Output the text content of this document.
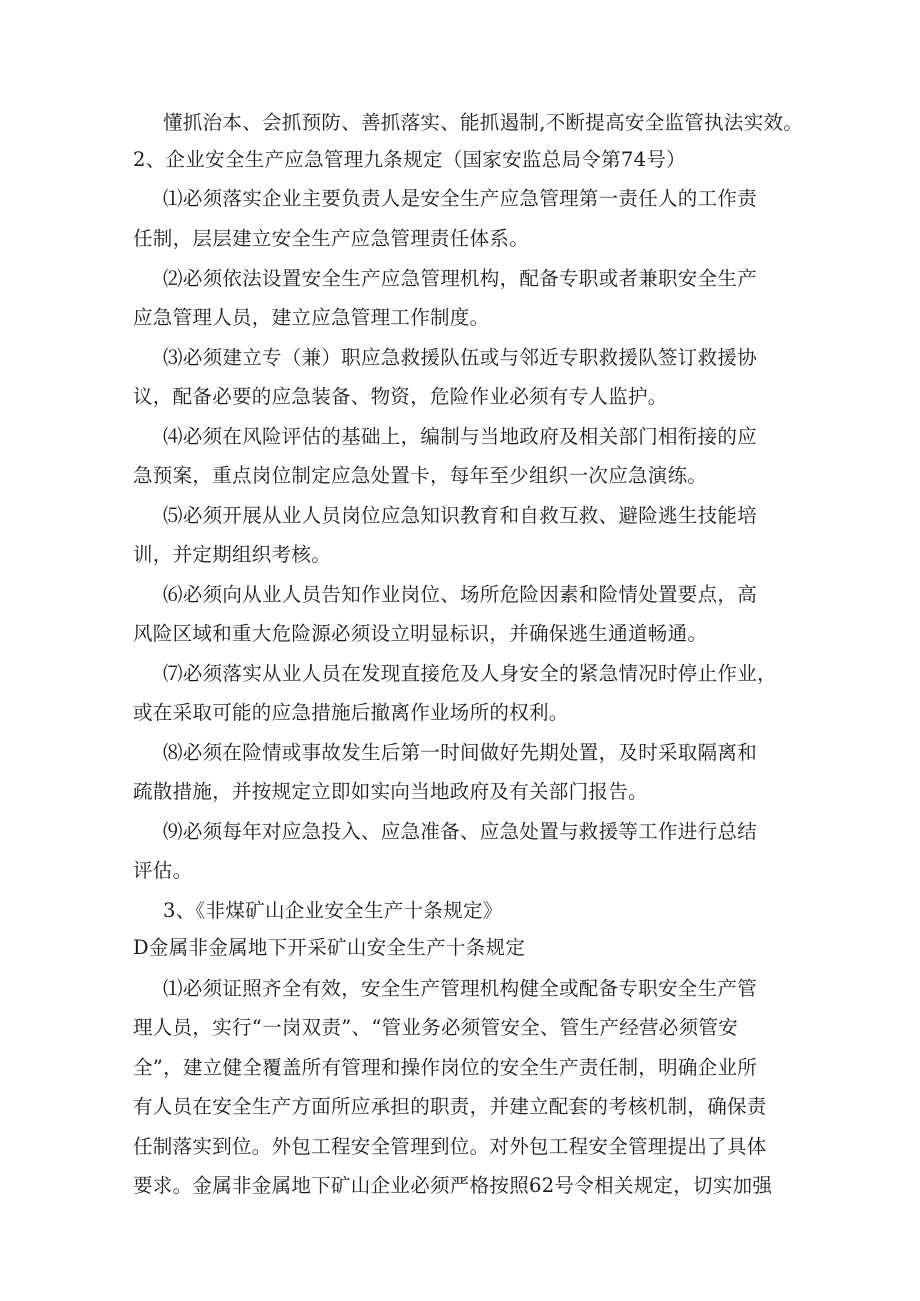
懂抓治本、会抓预防、善抓落实、能抓遏制,不断提高安全监管执法实效。
2、企业安全生产应急管理九条规定（国家安监总局令第74号）
⑴必须落实企业主要负责人是安全生产应急管理第一责任人的工作责
任制，层层建立安全生产应急管理责任体系。
⑵必须依法设置安全生产应急管理机构，配备专职或者兼职安全生产
应急管理人员，建立应急管理工作制度。
⑶必须建立专（兼）职应急救援队伍或与邻近专职救援队签订救援协
议，配备必要的应急装备、物资，危险作业必须有专人监护。
⑷必须在风险评估的基础上，编制与当地政府及相关部门相衔接的应
急预案，重点岗位制定应急处置卡，每年至少组织一次应急演练。
⑸必须开展从业人员岗位应急知识教育和自救互救、避险逃生技能培
训，并定期组织考核。
⑹必须向从业人员告知作业岗位、场所危险因素和险情处置要点，高
风险区域和重大危险源必须设立明显标识，并确保逃生通道畅通。
⑺必须落实从业人员在发现直接危及人身安全的紧急情况时停止作业，
或在采取可能的应急措施后撤离作业场所的权利。
⑻必须在险情或事故发生后第一时间做好先期处置，及时采取隔离和
疏散措施，并按规定立即如实向当地政府及有关部门报告。
⑼必须每年对应急投入、应急准备、应急处置与救援等工作进行总结
评估。
3、《非煤矿山企业安全生产十条规定》
D金属非金属地下开采矿山安全生产十条规定
⑴必须证照齐全有效，安全生产管理机构健全或配备专职安全生产管
理人员，实行“一岗双责”、“管业务必须管安全、管生产经营必须管安
全”，建立健全覆盖所有管理和操作岗位的安全生产责任制，明确企业所
有人员在安全生产方面所应承担的职责，并建立配套的考核机制，确保责
任制落实到位。外包工程安全管理到位。对外包工程安全管理提出了具体
要求。金属非金属地下矿山企业必须严格按照62号令相关规定，切实加强
